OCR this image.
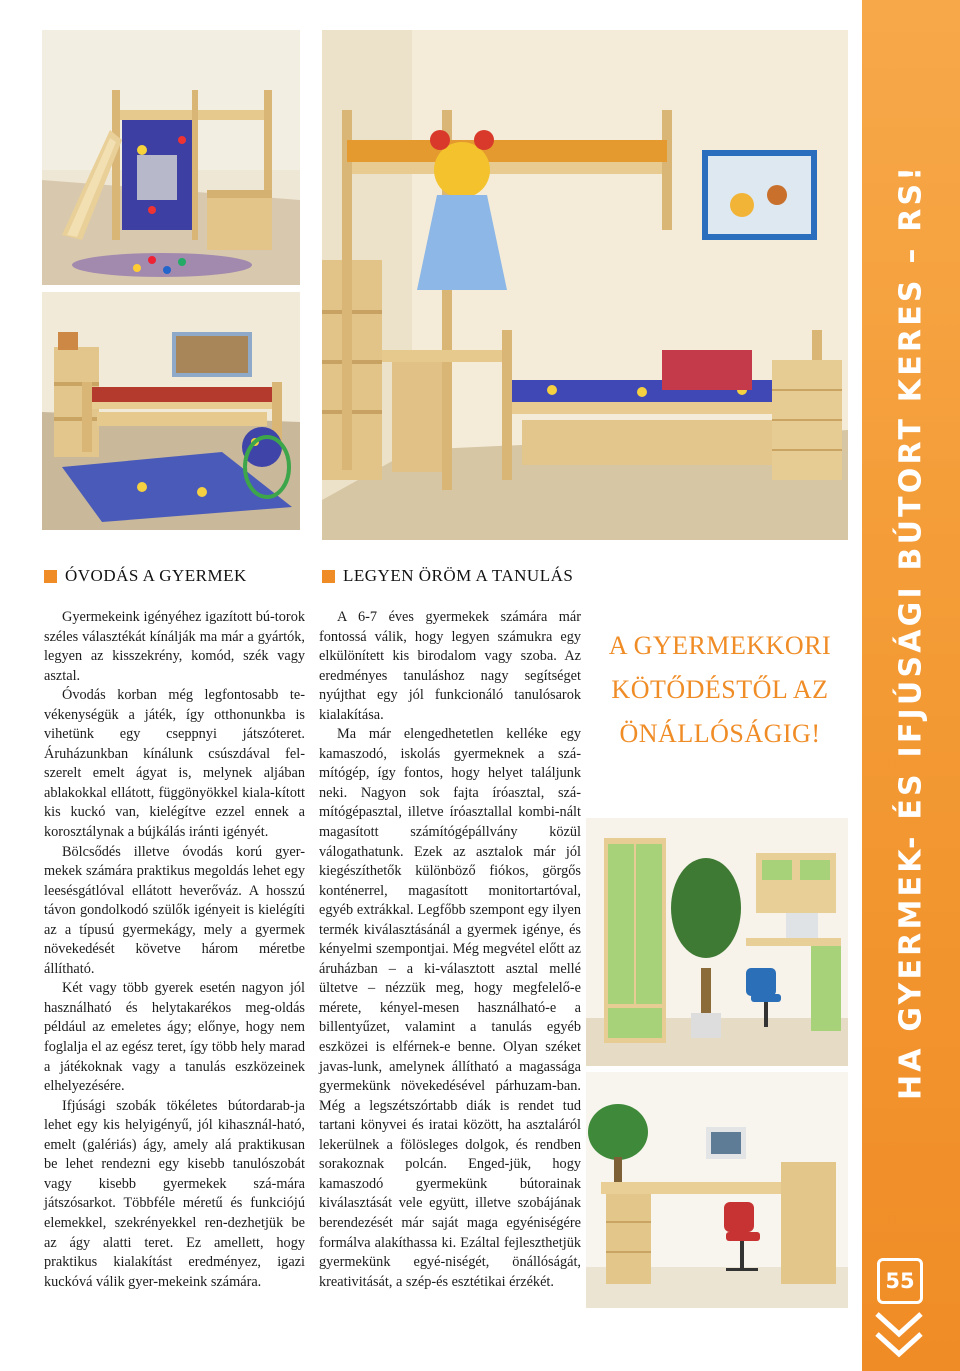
ÓVODÁS A GYERMEK	LEGYEN ÖRÖM A TANULÁS

Gyermekeink igényéhez igazított bú-torok széles választékát kínálják ma már a gyártók, legyen az kisszekrény, komód, szék vagy asztal.

Óvodás korban még legfontosabb te-vékenységük a játék, így otthonunkba is vihetünk egy cseppnyi játszóteret. Áruházunkban kínálunk csúszdával fel-szerelt emelt ágyat is, melynek aljában ablakokkal ellátott, függönyökkel kiala-kított kis kuckó van, kielégítve ezzel ennek a korosztálynak a bújkálás iránti igényét.

Bölcsődés illetve óvodás korú gyer-mekek számára praktikus megoldás lehet egy leesésgátlóval ellátott heverőváz. A hosszú távon gondolkodó szülők igényeit is kielégíti az a típusú gyermekágy, mely a gyermek növekedését követve három méretbe állítható.

Két vagy több gyerek esetén nagyon jól használható és helytakarékos meg-oldás például az emeletes ágy; előnye, hogy nem foglalja el az egész teret, így több hely marad a játékoknak vagy a tanulás eszközeinek elhelyezésére.

Ifjúsági szobák tökéletes bútordarab-ja lehet egy kis helyigényű, jól kihasznál-ható, emelt (galériás) ágy, amely alá praktikusan be lehet rendezni egy kisebb tanulószobát vagy kisebb gyermekek szá-mára játszósarkot. Többféle méretű és funkciójú elemekkel, szekrényekkel ren-dezhetjük be az ágy alatti teret. Ez amellett, hogy praktikus kialakítást eredményez, igazi kuckóvá válik gyer-mekeink számára.

A 6-7 éves gyermekek számára már fontossá válik, hogy legyen számukra egy elkülönített kis birodalom vagy szoba. Az eredményes tanuláshoz nagy segítséget nyújthat egy jól funkcionáló tanulósarok kialakítása.

Ma már elengedhetetlen kelléke egy kamaszodó, iskolás gyermeknek a szá-mítógép, így fontos, hogy helyet találjunk neki. Nagyon sok fajta íróasztal, szá-mítógépasztal, illetve íróasztallal kombi-nált magasított számítógépállvány közül válogathatunk. Ezek az asztalok már jól kiegészíthetők különböző fiókos, görgős konténerrel, magasított monitortartóval, egyéb extrákkal. Legfőbb szempont egy ilyen termék kiválasztásánál a gyermek igénye, és kényelmi szempontjai. Még megvétel előtt az áruházban – a ki-választott asztal mellé ültetve – nézzük meg, hogy megfelelő-e mérete, kényel-mesen használható-e a billentyűzet, valamint a tanulás egyéb eszközei is elférnek-e benne. Olyan széket javas-lunk, amelynek állítható a magassága gyermekünk növekedésével párhuzam-ban. Még a legszétszórtabb diák is rendet tud tartani könyvei és iratai között, ha asztaláról lekerülnek a fölösleges dolgok, és rendben sorakoznak polcán. Enged-jük, hogy kamaszodó gyermekünk bútorainak kiválasztását vele együtt, illetve szobájának berendezését már saját maga egyéniségére formálva alakíthassa ki. Ezáltal fejleszthetjük gyermekünk egyé-niségét, önállóságát, kreativitását, a szép-és esztétikai érzékét.

A GYERMEKKORI
KÖTŐDÉSTŐL AZ
ÖNÁLLÓSÁGIG!	HA GYERMEK- ÉS IFJÚSÁGI BÚTORT KERES – RS!
55
